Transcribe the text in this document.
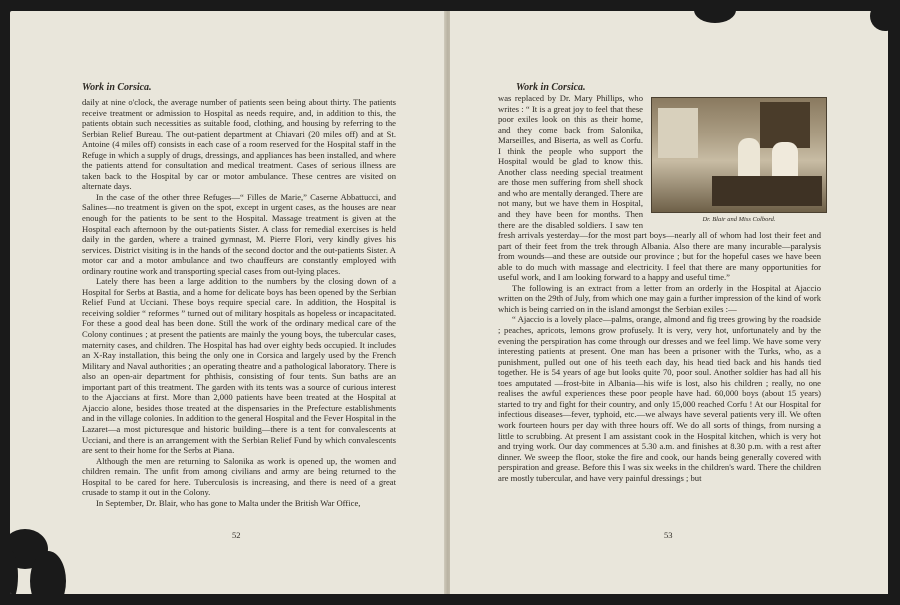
Work in Corsica.

daily at nine o'clock, the average number of patients seen being about thirty. The patients receive treatment or admission to Hospital as needs require, and, in addition to this, the patients obtain such necessities as suitable food, clothing, and housing by referring to the Serbian Relief Bureau. The out-patient department at Chiavari (20 miles off) and at St. Antoine (4 miles off) consists in each case of a room reserved for the Hospital staff in the Refuge in which a supply of drugs, dressings, and appliances has been installed, and where the patients attend for consultation and medical treatment. Cases of serious illness are taken back to the Hospital by car or motor ambulance. These centres are visited on alternate days.

In the case of the other three Refuges—“ Filles de Marie,” Caserne Abbattucci, and Salines—no treatment is given on the spot, except in urgent cases, as the houses are near enough for the patients to be sent to the Hospital. Massage treatment is given at the Hospital each afternoon by the out-patients Sister. A class for remedial exercises is held daily in the garden, where a trained gymnast, M. Pierre Flori, very kindly gives his services. District visiting is in the hands of the second doctor and the out-patients Sister. A motor car and a motor ambulance and two chauffeurs are constantly employed with ordinary routine work and transporting special cases from out-lying places.

Lately there has been a large addition to the numbers by the closing down of a Hospital for Serbs at Bastia, and a home for delicate boys has been opened by the Serbian Relief Fund at Ucciani. These boys require special care. In addition, the Hospital is receiving soldier “ reformes ” turned out of military hospitals as hopeless or incapacitated. For these a good deal has been done. Still the work of the ordinary medical care of the Colony continues ; at present the patients are mainly the young boys, the tubercular cases, maternity cases, and children. The Hospital has had over eighty beds occupied. It includes an X-Ray installation, this being the only one in Corsica and largely used by the French Military and Naval authorities ; an operating theatre and a pathological laboratory. There is also an open-air department for phthisis, consisting of four tents. Sun baths are an important part of this treatment. The garden with its tents was a source of curious interest to the Ajaccians at first. More than 2,000 patients have been treated at the Hospital at Ajaccio alone, besides those treated at the dispensaries in the Prefecture establishments and in the village colonies. In addition to the general Hospital and the Fever Hospital in the Lazaret—a most picturesque and historic building—there is a tent for convalescents at Ucciani, and there is an arrangement with the Serbian Relief Fund by which convalescents are sent to their home for the Serbs at Piana.

Although the men are returning to Salonika as work is opened up, the women and children remain. The unfit from among civilians and army are being returned to the Hospital to be cared for here. Tuberculosis is increasing, and there is need of a great crusade to stamp it out in the Colony.

In September, Dr. Blair, who has gone to Malta under the British War Office,

52

Work in Corsica.

Dr. Blair and Miss Colbord.

was replaced by Dr. Mary Phillips, who writes : “ It is a great joy to feel that these poor exiles look on this as their home, and they come back from Salonika, Marseilles, and Biserta, as well as Corfu. I think the people who support the Hospital would be glad to know this. Another class needing special treatment are those men suffering from shell shock and who are mentally deranged. There are not many, but we have them in Hospital, and they have been for months. Then there are the disabled soldiers. I saw ten fresh arrivals yesterday—for the most part boys—nearly all of whom had lost their feet and part of their feet from the trek through Albania. Also there are many incurable—paralysis from wounds—and these are outside our province ; but for the hopeful cases we have been able to do much with massage and electricity. I feel that there are many opportunities for useful work, and I am looking forward to a happy and useful time.”

The following is an extract from a letter from an orderly in the Hospital at Ajaccio written on the 29th of July, from which one may gain a further impression of the kind of work which is being carried on in the island amongst the Serbian exiles :—

“ Ajaccio is a lovely place—palms, orange, almond and fig trees growing by the roadside ; peaches, apricots, lemons grow profusely. It is very, very hot, unfortunately and by the evening the perspiration has come through our dresses and we feel limp. We have some very interesting patients at present. One man has been a prisoner with the Turks, who, as a punishment, pulled out one of his teeth each day, his head tied back and his hands tied together. He is 54 years of age but looks quite 70, poor soul. Another soldier has had all his toes amputated —frost-bite in Albania—his wife is lost, also his children ; really, no one realises the awful experiences these poor people have had. 60,000 boys (about 15 years) started to try and fight for their country, and only 15,000 reached Corfu ! At our Hospital for infectious diseases—fever, typhoid, etc.—we always have several patients very ill. We often work fourteen hours per day with three hours off. We do all sorts of things, from nursing a little to scrubbing. At present I am assistant cook in the Hospital kitchen, which is very hot and trying work. Our day commences at 5.30 a.m. and finishes at 8.30 p.m. with a rest after dinner. We sweep the floor, stoke the fire and cook, our hands being generally covered with perspiration and grease. Before this I was six weeks in the children's ward. There the children are mostly tubercular, and have very painful dressings ; but

53
